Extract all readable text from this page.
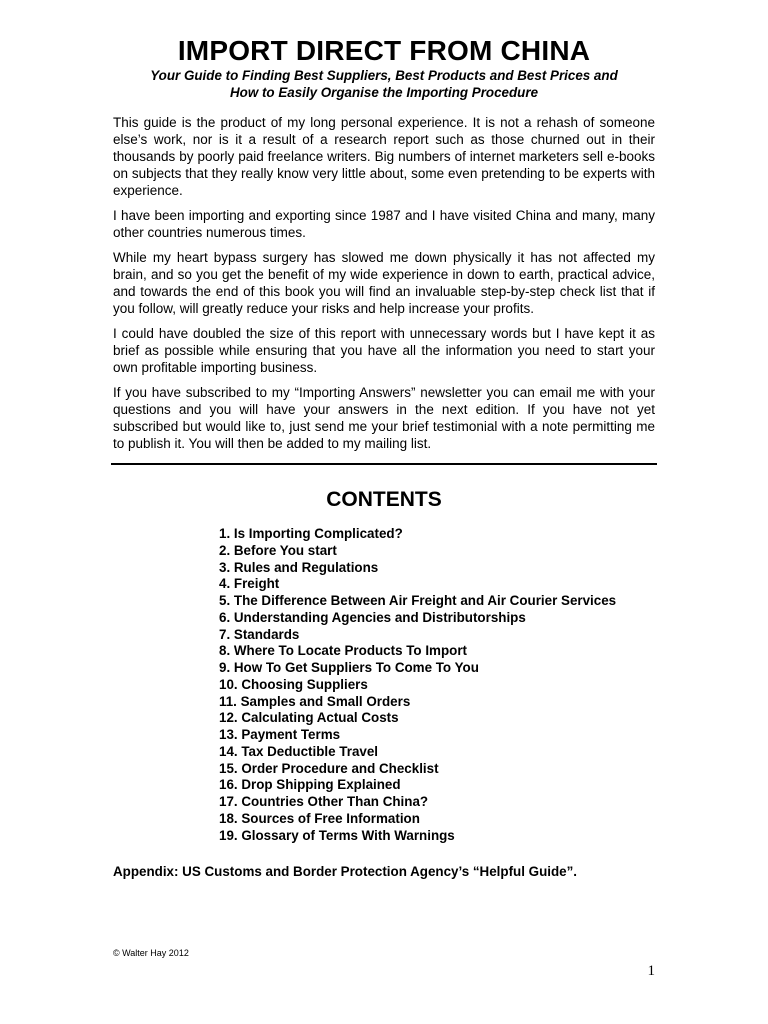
IMPORT DIRECT FROM CHINA
Your Guide to Finding Best Suppliers, Best Products and Best Prices and
How to Easily Organise the Importing Procedure

This guide is the product of my long personal experience. It is not a rehash of someone else’s work, nor is it a result of a research report such as those churned out in their thousands by poorly paid freelance writers. Big numbers of internet marketers sell e-books on subjects that they really know very little about, some even pretending to be experts with experience.

I have been importing and exporting since 1987 and I have visited China and many, many other countries numerous times.

While my heart bypass surgery has slowed me down physically it has not affected my brain, and so you get the benefit of my wide experience in down to earth, practical advice, and towards the end of this book you will find an invaluable step-by-step check list that if you follow, will greatly reduce your risks and help increase your profits.

I could have doubled the size of this report with unnecessary words but I have kept it as brief as possible while ensuring that you have all the information you need to start your own profitable importing business.

If you have subscribed to my “Importing Answers” newsletter you can email me with your questions and you will have your answers in the next edition. If you have not yet subscribed but would like to, just send me your brief testimonial with a note permitting me to publish it. You will then be added to my mailing list.

CONTENTS
1. Is Importing Complicated?
2. Before You start
3. Rules and Regulations
4. Freight
5. The Difference Between Air Freight and Air Courier Services
6. Understanding Agencies and Distributorships
7. Standards
8. Where To Locate Products To Import
9. How To Get Suppliers To Come To You
10. Choosing Suppliers
11. Samples and Small Orders
12. Calculating Actual Costs
13. Payment Terms
14. Tax Deductible Travel
15. Order Procedure and Checklist
16. Drop Shipping Explained
17. Countries Other Than China?
18. Sources of Free Information
19. Glossary of Terms With Warnings
Appendix: US Customs and Border Protection Agency’s “Helpful Guide”.
© Walter Hay 2012
1
